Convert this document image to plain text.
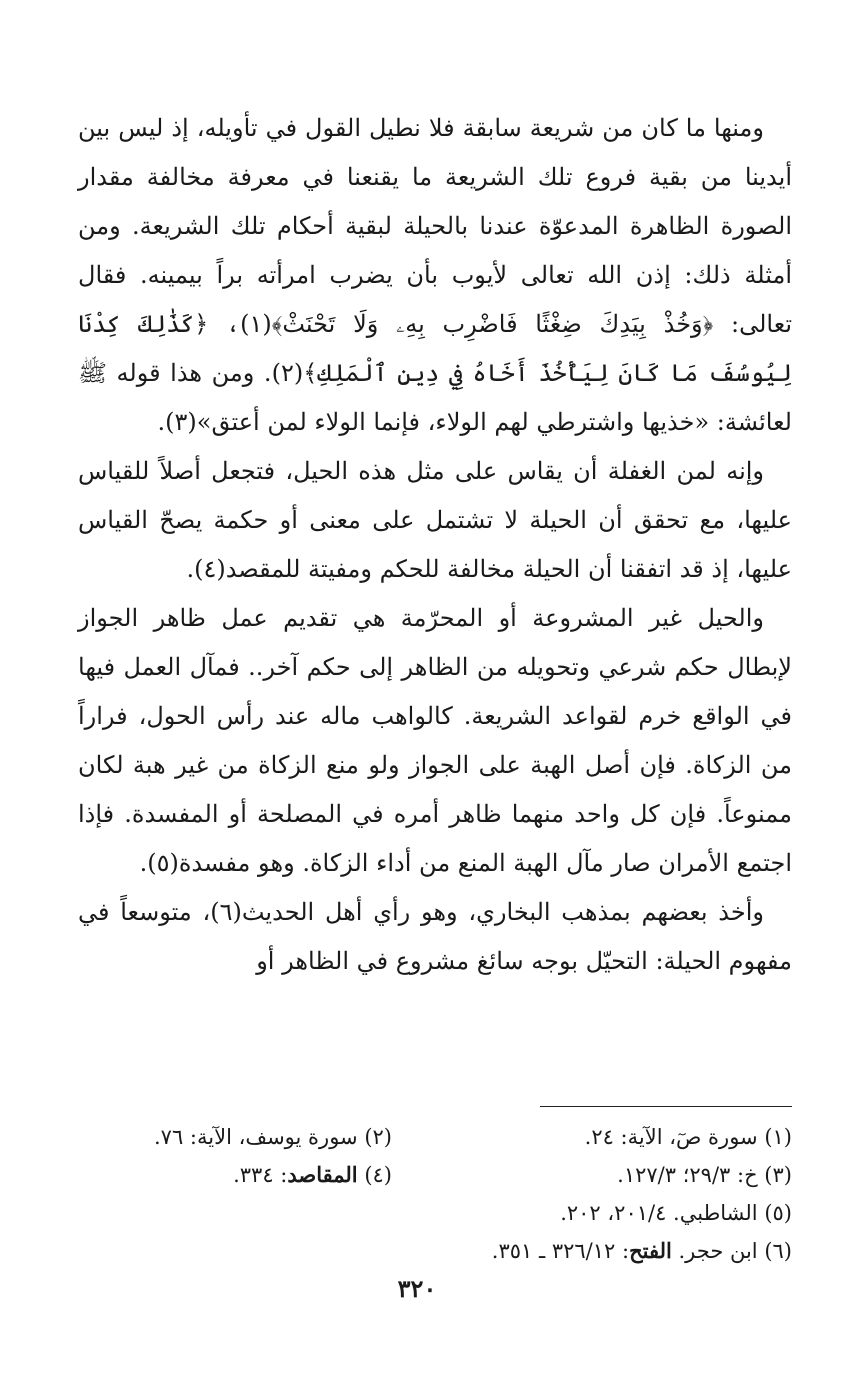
ومنها ما كان من شريعة سابقة فلا نطيل القول في تأويله، إذ ليس بين أيدينا من بقية فروع تلك الشريعة ما يقنعنا في معرفة مخالفة مقدار الصورة الظاهرة المدعوّة عندنا بالحيلة لبقية أحكام تلك الشريعة. ومن أمثلة ذلك: إذن الله تعالى لأيوب بأن يضرب امرأته براً بيمينه. فقال تعالى: ﴿وَخُذْ بِيَدِكَ ضِغْثًا فَاضْرِب بِهِۦ وَلَا تَحْنَثْ﴾(١)، ﴿كَذَٰلِكَ كِدْنَا لِيُوسُفَ مَا كَانَ لِيَأْخُذَ أَخَاهُ فِي دِينِ ٱلْمَلِكِ﴾(٢). ومن هذا قوله ﷺ لعائشة: «خذيها واشترطي لهم الولاء، فإنما الولاء لمن أعتق»(٣).

وإنه لمن الغفلة أن يقاس على مثل هذه الحيل، فتجعل أصلاً للقياس عليها، مع تحقق أن الحيلة لا تشتمل على معنى أو حكمة يصحّ القياس عليها، إذ قد اتفقنا أن الحيلة مخالفة للحكم ومفيتة للمقصد(٤).

والحيل غير المشروعة أو المحرّمة هي تقديم عمل ظاهر الجواز لإبطال حكم شرعي وتحويله من الظاهر إلى حكم آخر.. فمآل العمل فيها في الواقع خرم لقواعد الشريعة. كالواهب ماله عند رأس الحول، فراراً من الزكاة. فإن أصل الهبة على الجواز ولو منع الزكاة من غير هبة لكان ممنوعاً. فإن كل واحد منهما ظاهر أمره في المصلحة أو المفسدة. فإذا اجتمع الأمران صار مآل الهبة المنع من أداء الزكاة. وهو مفسدة(٥).

وأخذ بعضهم بمذهب البخاري، وهو رأي أهل الحديث(٦)، متوسعاً في مفهوم الحيلة: التحيّل بوجه سائغ مشروع في الظاهر أو

(١) سورة صٓ، الآية: ٢٤.
(٢) سورة يوسف، الآية: ٧٦.
(٣) خ: ٢٩/٣؛ ١٢٧/٣.
(٤) المقاصد: ٣٣٤.
(٥) الشاطبي. ٢٠١/٤، ٢٠٢.
(٦) ابن حجر. الفتح: ٣٢٦/١٢ ـ ٣٥١.
٣٢٠
